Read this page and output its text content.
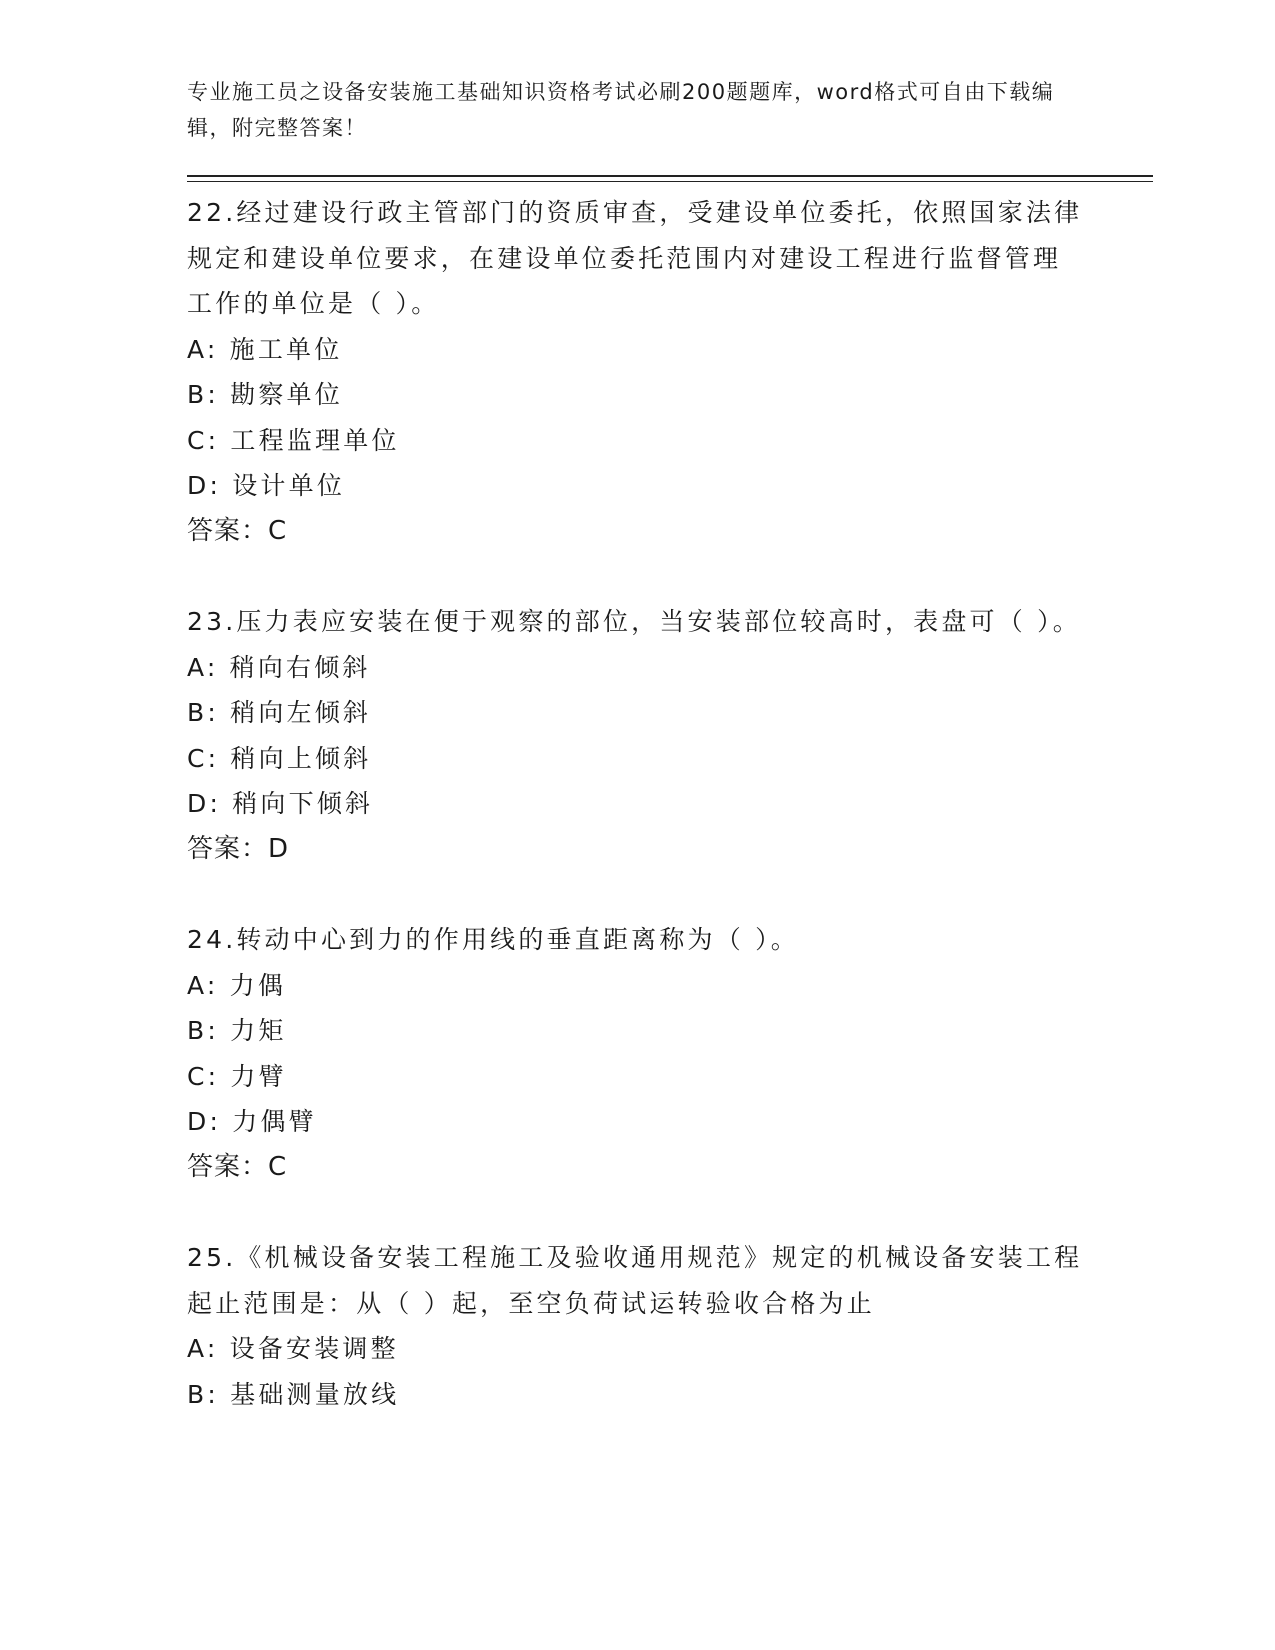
专业施工员之设备安装施工基础知识资格考试必刷200题题库，word格式可自由下载编辑，附完整答案！

22.经过建设行政主管部门的资质审查，受建设单位委托，依照国家法律规定和建设单位要求，在建设单位委托范围内对建设工程进行监督管理工作的单位是（ ）。

A: 施工单位

B: 勘察单位

C: 工程监理单位

D: 设计单位

答案：C

23.压力表应安装在便于观察的部位，当安装部位较高时，表盘可（ ）。

A: 稍向右倾斜

B: 稍向左倾斜

C: 稍向上倾斜

D: 稍向下倾斜

答案：D

24.转动中心到力的作用线的垂直距离称为（ ）。

A: 力偶

B: 力矩

C: 力臂

D: 力偶臂

答案：C

25.《机械设备安装工程施工及验收通用规范》规定的机械设备安装工程起止范围是：从（ ）起，至空负荷试运转验收合格为止

A: 设备安装调整

B: 基础测量放线
